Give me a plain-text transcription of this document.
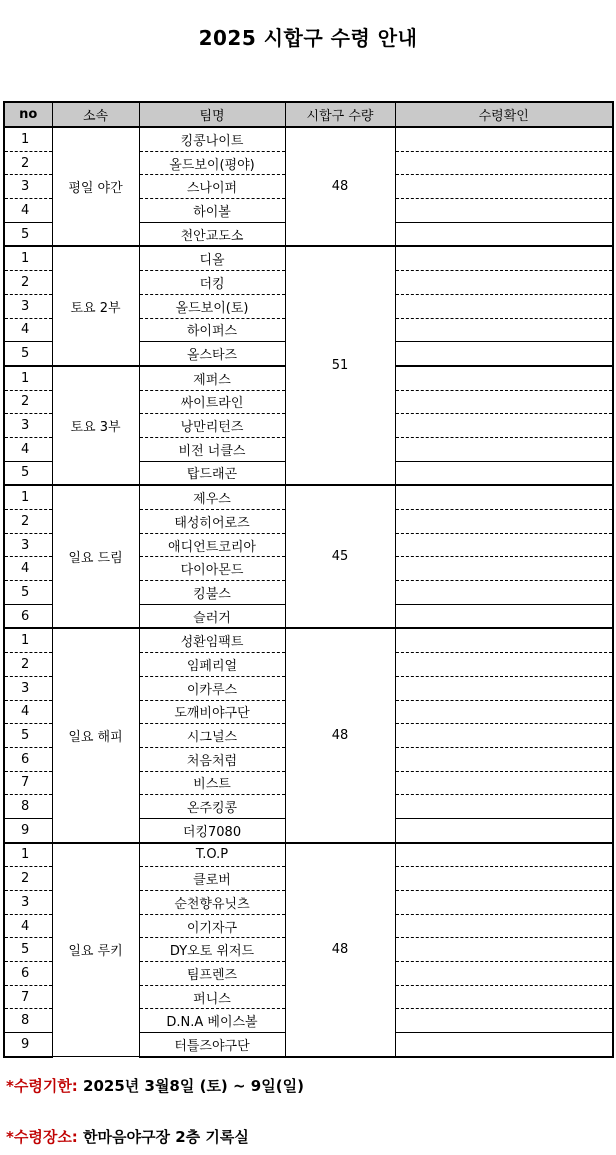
2025 시합구 수령 안내
no	소속	팀명	시합구 수량	수령확인
1	평일 야간	킹콩나이트	48	
2		올드보이(평야)		
3		스나이퍼		
4		하이볼		
5		천안교도소		
1	토요 2부	디올	51	
2		더킹		
3		올드보이(토)		
4		하이퍼스		
5		올스타즈		
1	토요 3부	제퍼스		
2		싸이트라인		
3		낭만리턴즈		
4		비전 너클스		
5		탑드래곤		
1	일요 드림	제우스	45	
2		태성히어로즈		
3		애디언트코리아		
4		다이아몬드		
5		킹불스		
6		슬러거		
1	일요 해피	성환임팩트	48	
2		임페리얼		
3		이카루스		
4		도깨비야구단		
5		시그널스		
6		처음처럼		
7		비스트		
8		온주킹콩		
9		더킹7080		
1	일요 루키	T.O.P	48	
2		클로버		
3		순천향유닛츠		
4		이기자구		
5		DY오토 위저드		
6		팀프렌즈		
7		퍼니스		
8		D.N.A 베이스볼		
9		터틀즈야구단		
*수령기한: 2025년 3월8일 (토) ~ 9일(일)
*수령장소: 한마음야구장 2층 기록실
